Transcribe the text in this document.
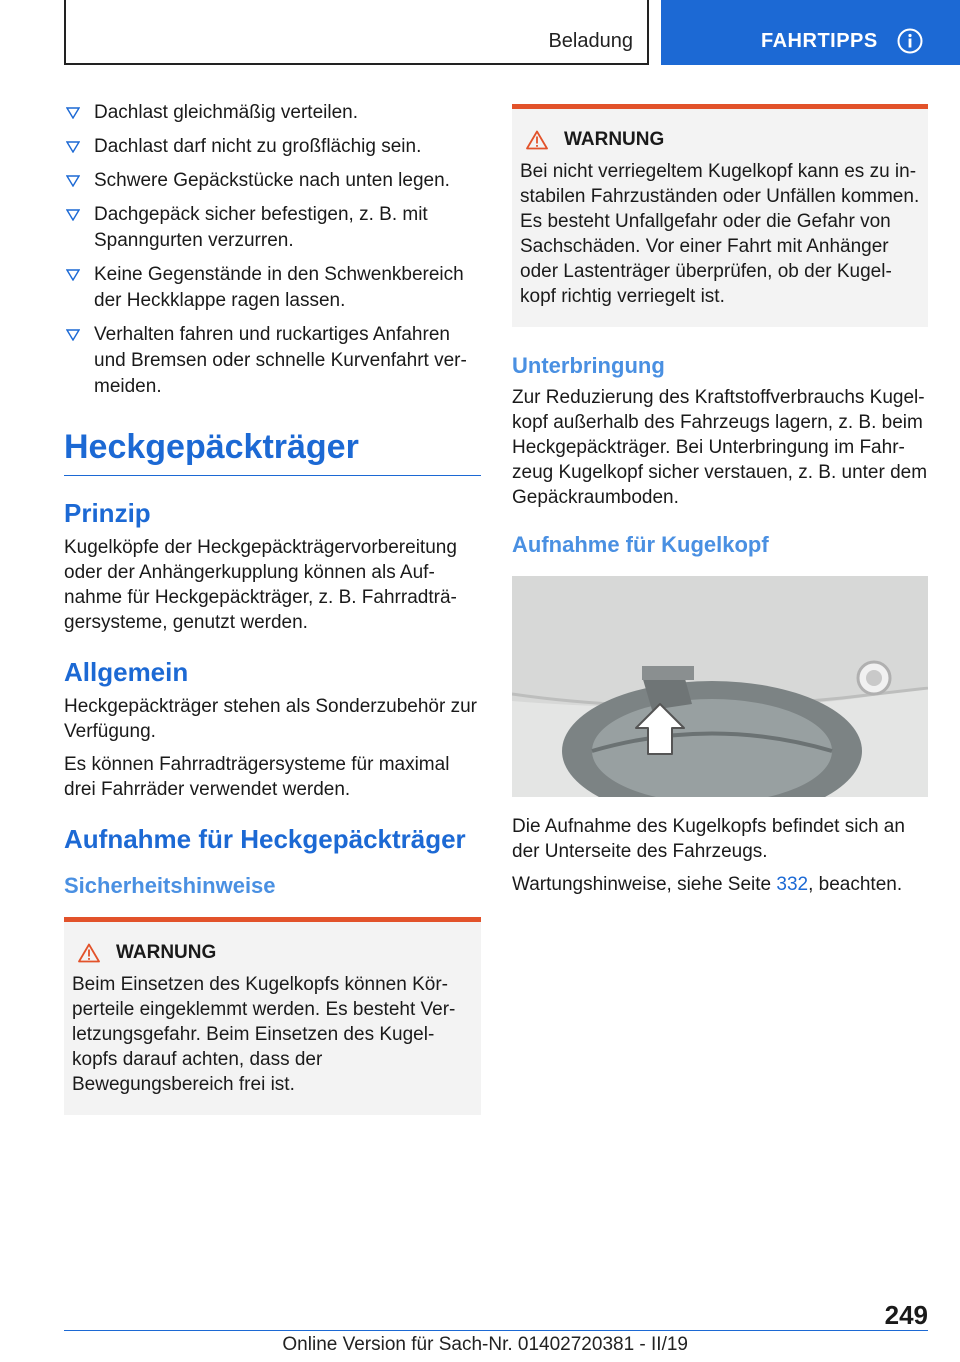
Beladung	FAHRTIPPS
Dachlast gleichmäßig verteilen.
Dachlast darf nicht zu großflächig sein.
Schwere Gepäckstücke nach unten legen.
Dachgepäck sicher befestigen, z. B. mit Spanngurten verzurren.
Keine Gegenstände in den Schwenkbereich der Heckklappe ragen lassen.
Verhalten fahren und ruckartiges Anfahren und Bremsen oder schnelle Kurvenfahrt vermeiden.
Heckgepäckträger
Prinzip

Kugelköpfe der Heckgepäckträgervorbereitung oder der Anhängerkupplung können als Aufnahme für Heckgepäckträger, z. B. Fahrradträgersysteme, genutzt werden.

Allgemein

Heckgepäckträger stehen als Sonderzubehör zur Verfügung.

Es können Fahrradträgersysteme für maximal drei Fahrräder verwendet werden.

Aufnahme für Heckgepäckträger
Sicherheitshinweise
WARNUNG

Beim Einsetzen des Kugelkopfs können Körperteile eingeklemmt werden. Es besteht Verletzungsgefahr. Beim Einsetzen des Kugelkopfs darauf achten, dass der Bewegungsbereich frei ist.

WARNUNG

Bei nicht verriegeltem Kugelkopf kann es zu instabilen Fahrzuständen oder Unfällen kommen. Es besteht Unfallgefahr oder die Gefahr von Sachschäden. Vor einer Fahrt mit Anhänger oder Lastenträger überprüfen, ob der Kugelkopf richtig verriegelt ist.

Unterbringung

Zur Reduzierung des Kraftstoffverbrauchs Kugelkopf außerhalb des Fahrzeugs lagern, z. B. beim Heckgepäckträger. Bei Unterbringung im Fahrzeug Kugelkopf sicher verstauen, z. B. unter dem Gepäckraumboden.

Aufnahme für Kugelkopf

Die Aufnahme des Kugelkopfs befindet sich an der Unterseite des Fahrzeugs.

Wartungshinweise, siehe Seite 332, beachten.

249
Online Version für Sach-Nr. 01402720381 - II/19
